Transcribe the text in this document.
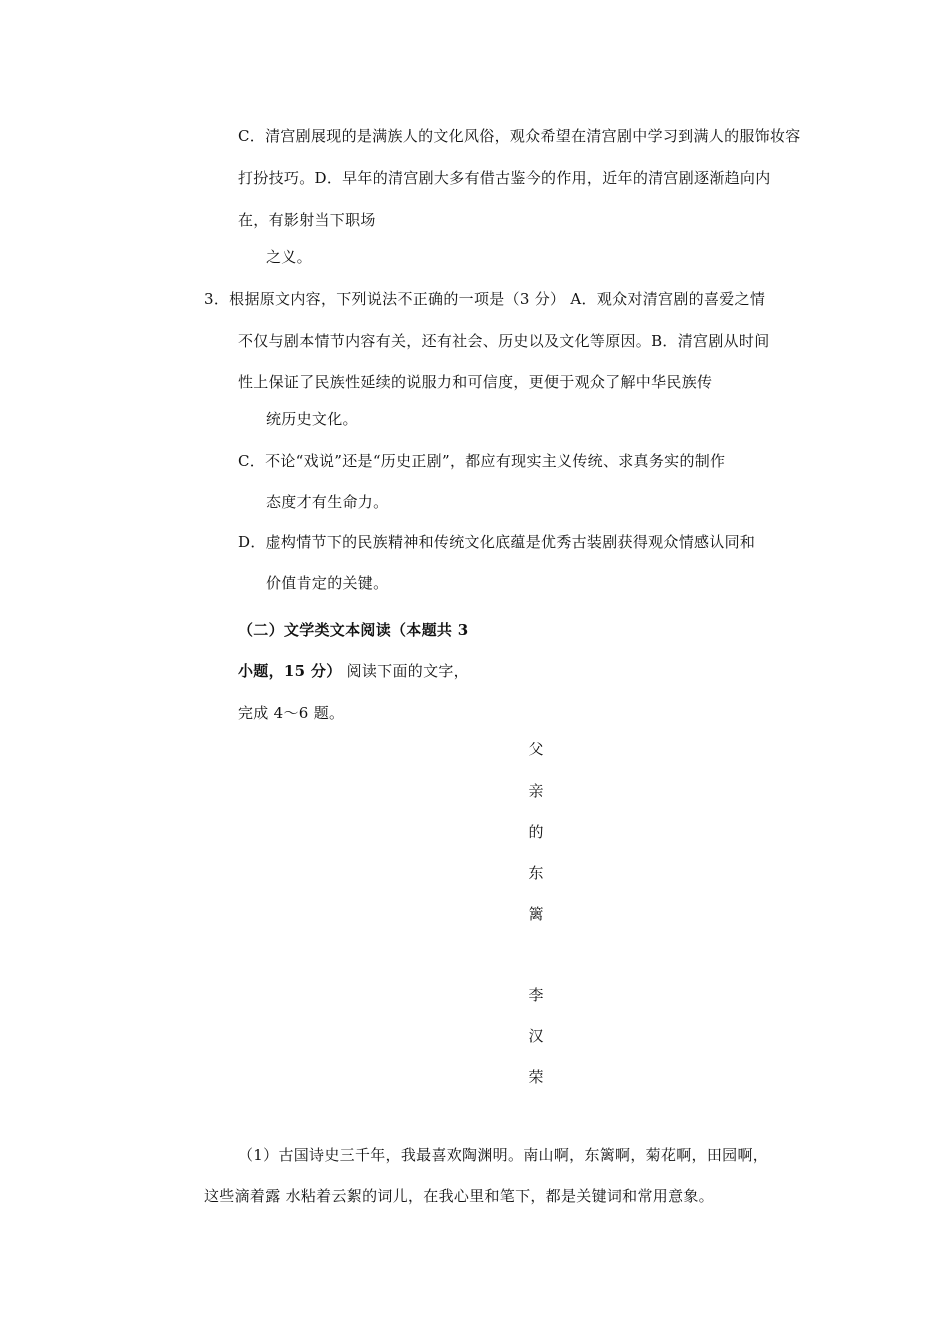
C．清宫剧展现的是满族人的文化风俗，观众希望在清宫剧中学习到满人的服饰妆容
打扮技巧。D．早年的清宫剧大多有借古鉴今的作用，近年的清宫剧逐渐趋向内
在，有影射当下职场
之义。
3．根据原文内容，下列说法不正确的一项是（3 分） A．观众对清宫剧的喜爱之情
不仅与剧本情节内容有关，还有社会、历史以及文化等原因。B．清宫剧从时间
性上保证了民族性延续的说服力和可信度，更便于观众了解中华民族传
统历史文化。
C．不论“戏说”还是“历史正剧”，都应有现实主义传统、求真务实的制作
态度才有生命力。
D．虚构情节下的民族精神和传统文化底蕴是优秀古装剧获得观众情感认同和
价值肯定的关键。
（二）文学类文本阅读（本题共 3
小题，15 分） 阅读下面的文字，
完成 4～6 题。
父
亲
的
东
篱
李
汉
荣
（1）古国诗史三千年，我最喜欢陶渊明。南山啊，东篱啊，菊花啊，田园啊，
这些滴着露 水粘着云絮的词儿，在我心里和笔下，都是关键词和常用意象。
